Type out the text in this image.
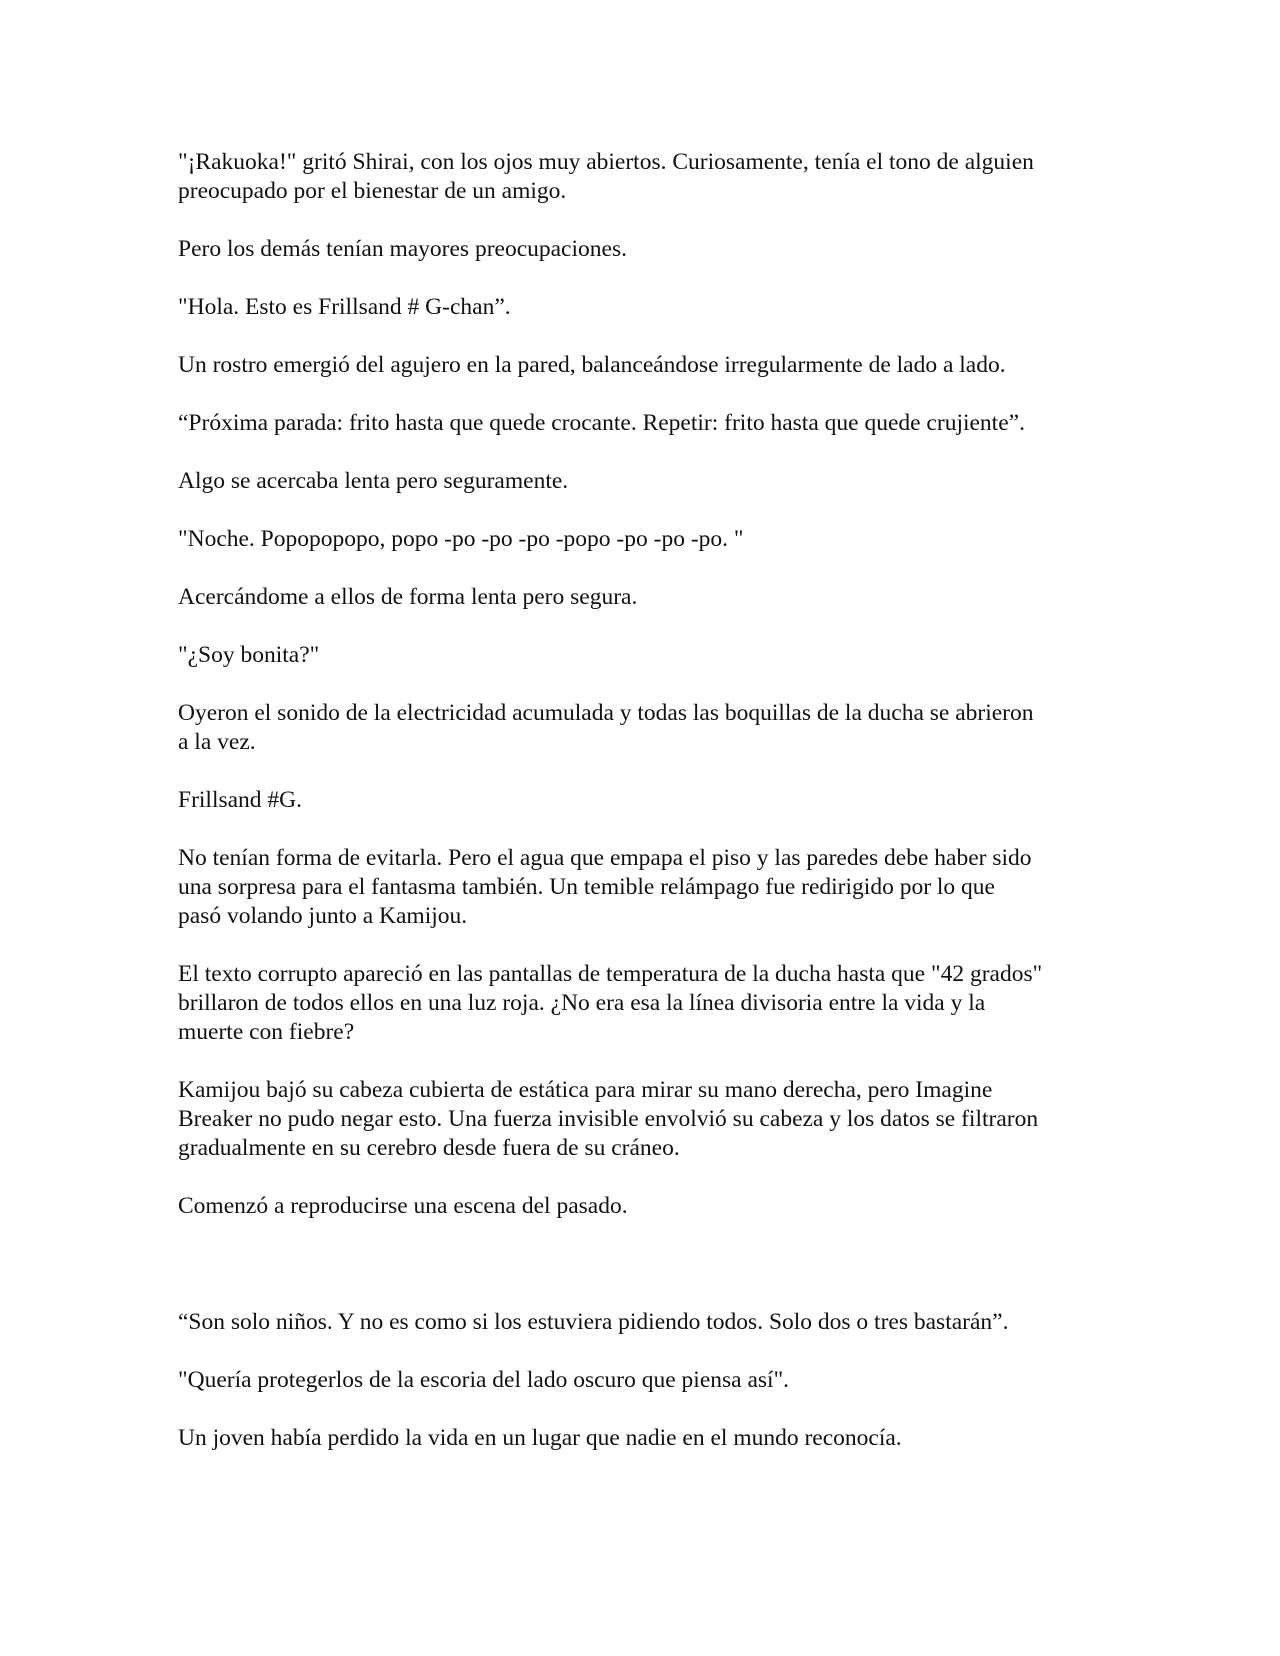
"¡Rakuoka!" gritó Shirai, con los ojos muy abiertos. Curiosamente, tenía el tono de alguien
preocupado por el bienestar de un amigo.
Pero los demás tenían mayores preocupaciones.
"Hola. Esto es Frillsand # G-chan”.
Un rostro emergió del agujero en la pared, balanceándose irregularmente de lado a lado.
“Próxima parada: frito hasta que quede crocante. Repetir: frito hasta que quede crujiente”.
Algo se acercaba lenta pero seguramente.
"Noche. Popopopopo, popo -po -po -po -popo -po -po -po. "
Acercándome a ellos de forma lenta pero segura.
"¿Soy bonita?"
Oyeron el sonido de la electricidad acumulada y todas las boquillas de la ducha se abrieron
a la vez.
Frillsand #G.
No tenían forma de evitarla. Pero el agua que empapa el piso y las paredes debe haber sido
una sorpresa para el fantasma también. Un temible relámpago fue redirigido por lo que
pasó volando junto a Kamijou.
El texto corrupto apareció en las pantallas de temperatura de la ducha hasta que "42 grados"
brillaron de todos ellos en una luz roja. ¿No era esa la línea divisoria entre la vida y la
muerte con fiebre?
Kamijou bajó su cabeza cubierta de estática para mirar su mano derecha, pero Imagine
Breaker no pudo negar esto. Una fuerza invisible envolvió su cabeza y los datos se filtraron
gradualmente en su cerebro desde fuera de su cráneo.
Comenzó a reproducirse una escena del pasado.
“Son solo niños. Y no es como si los estuviera pidiendo todos. Solo dos o tres bastarán”.
"Quería protegerlos de la escoria del lado oscuro que piensa así".
Un joven había perdido la vida en un lugar que nadie en el mundo reconocía.
